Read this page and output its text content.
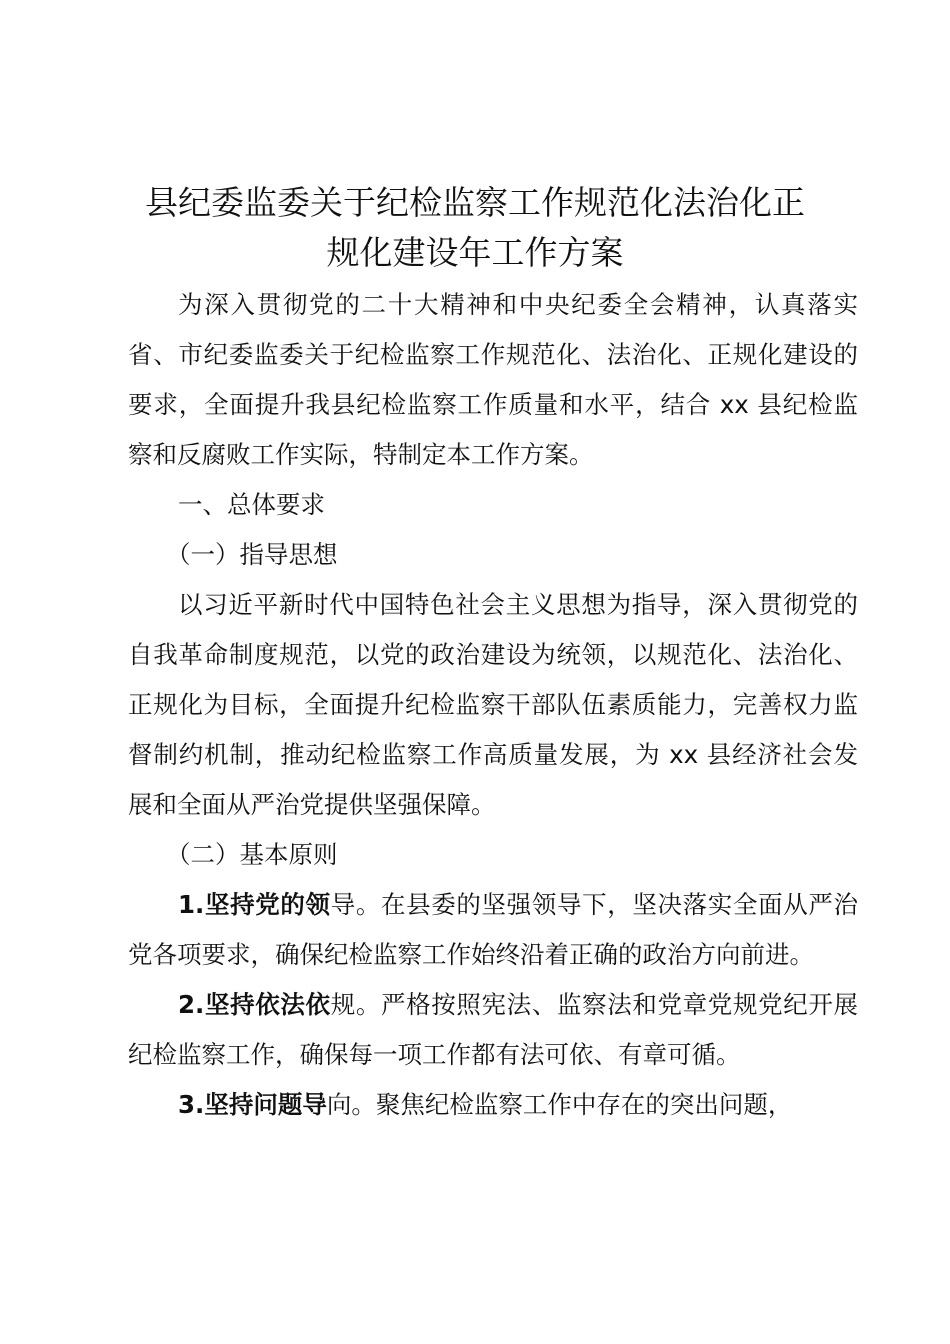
县纪委监委关于纪检监察工作规范化法治化正
规化建设年工作方案

为深入贯彻党的二十大精神和中央纪委全会精神，认真落实省、市纪委监委关于纪检监察工作规范化、法治化、正规化建设的要求，全面提升我县纪检监察工作质量和水平，结合 xx 县纪检监察和反腐败工作实际，特制定本工作方案。

一、总体要求

（一）指导思想

以习近平新时代中国特色社会主义思想为指导，深入贯彻党的自我革命制度规范，以党的政治建设为统领，以规范化、法治化、正规化为目标，全面提升纪检监察干部队伍素质能力，完善权力监督制约机制，推动纪检监察工作高质量发展，为 xx 县经济社会发展和全面从严治党提供坚强保障。

（二）基本原则

1.坚持党的领导。在县委的坚强领导下，坚决落实全面从严治党各项要求，确保纪检监察工作始终沿着正确的政治方向前进。

2.坚持依法依规。严格按照宪法、监察法和党章党规党纪开展纪检监察工作，确保每一项工作都有法可依、有章可循。

3.坚持问题导向。聚焦纪检监察工作中存在的突出问题，
